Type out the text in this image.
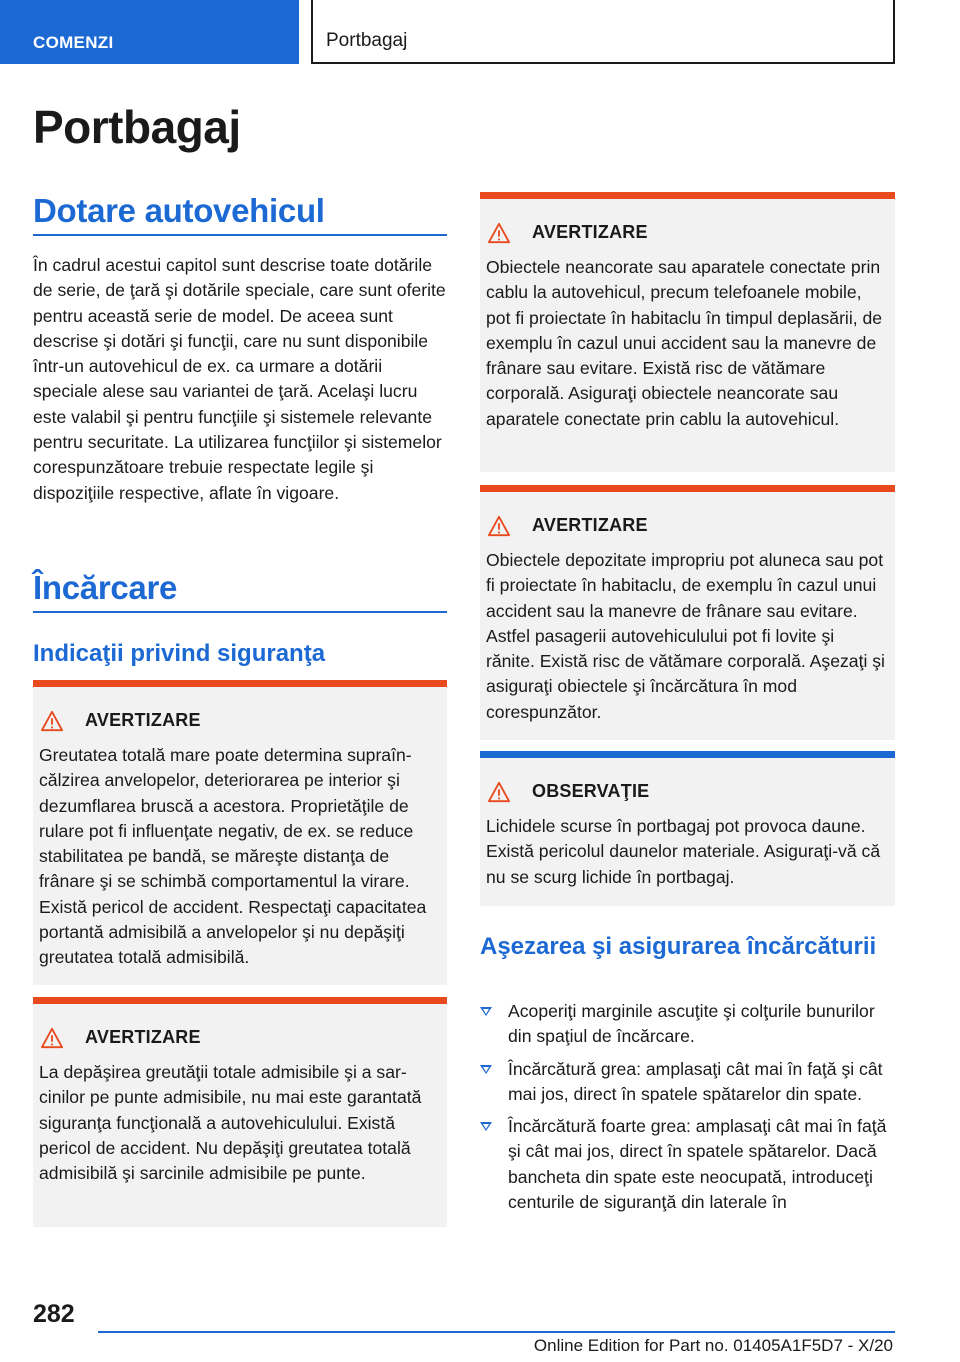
COMENZI	Portbagaj
Portbagaj
Dotare autovehicul
În cadrul acestui capitol sunt descrise toate dotările de serie, de ţară şi dotările speciale, care sunt oferite pentru această serie de model. De aceea sunt descrise şi dotări şi funcţii, care nu sunt disponibile într-un autovehicul de ex. ca urmare a dotării speciale alese sau variantei de ţară. Acelaşi lucru este valabil şi pentru funcţiile şi sistemele relevante pentru securitate. La utilizarea funcţiilor şi sistemelor corespunzătoare trebuie respectate legile şi dispoziţiile respective, aflate în vigoare.
Încărcare
Indicaţii privind siguranţa
AVERTIZARE
Greutatea totală mare poate determina supraîncălzirea anvelopelor, deteriorarea pe interior şi dezumflarea bruscă a acestora. Proprietăţile de rulare pot fi influenţate negativ, de ex. se reduce stabilitatea pe bandă, se măreşte distanţa de frânare şi se schimbă comportamentul la virare. Există pericol de accident. Respectaţi capacitatea portantă admisibilă a anvelopelor şi nu depăşiţi greutatea totală admisibilă.
AVERTIZARE
La depăşirea greutăţii totale admisibile şi a sarcinilor pe punte admisibile, nu mai este garantată siguranţa funcţională a autovehiculului. Există pericol de accident. Nu depăşiţi greutatea totală admisibilă şi sarcinile admisibile pe punte.
AVERTIZARE
Obiectele neancorate sau aparatele conectate prin cablu la autovehicul, precum telefoanele mobile, pot fi proiectate în habitaclu în timpul deplasării, de exemplu în cazul unui accident sau la manevre de frânare sau evitare. Există risc de vătămare corporală. Asiguraţi obiectele neancorate sau aparatele conectate prin cablu la autovehicul.
AVERTIZARE
Obiectele depozitate impropriu pot aluneca sau pot fi proiectate în habitaclu, de exemplu în cazul unui accident sau la manevre de frânare sau evitare. Astfel pasagerii autovehiculului pot fi lovite şi rănite. Există risc de vătămare corporală. Aşezaţi şi asiguraţi obiectele şi încărcătura în mod corespunzător.
OBSERVAŢIE
Lichidele scurse în portbagaj pot provoca daune. Există pericolul daunelor materiale. Asiguraţi-vă că nu se scurg lichide în portbagaj.
Aşezarea şi asigurarea încărcăturii
Acoperiţi marginile ascuţite şi colţurile bunurilor din spaţiul de încărcare.
Încărcătură grea: amplasaţi cât mai în faţă şi cât mai jos, direct în spatele spătarelor din spate.
Încărcătură foarte grea: amplasaţi cât mai în faţă şi cât mai jos, direct în spatele spătarelor. Dacă bancheta din spate este neocupată, introduceţi centurile de siguranţă din laterale în
282
Online Edition for Part no. 01405A1F5D7 - X/20
